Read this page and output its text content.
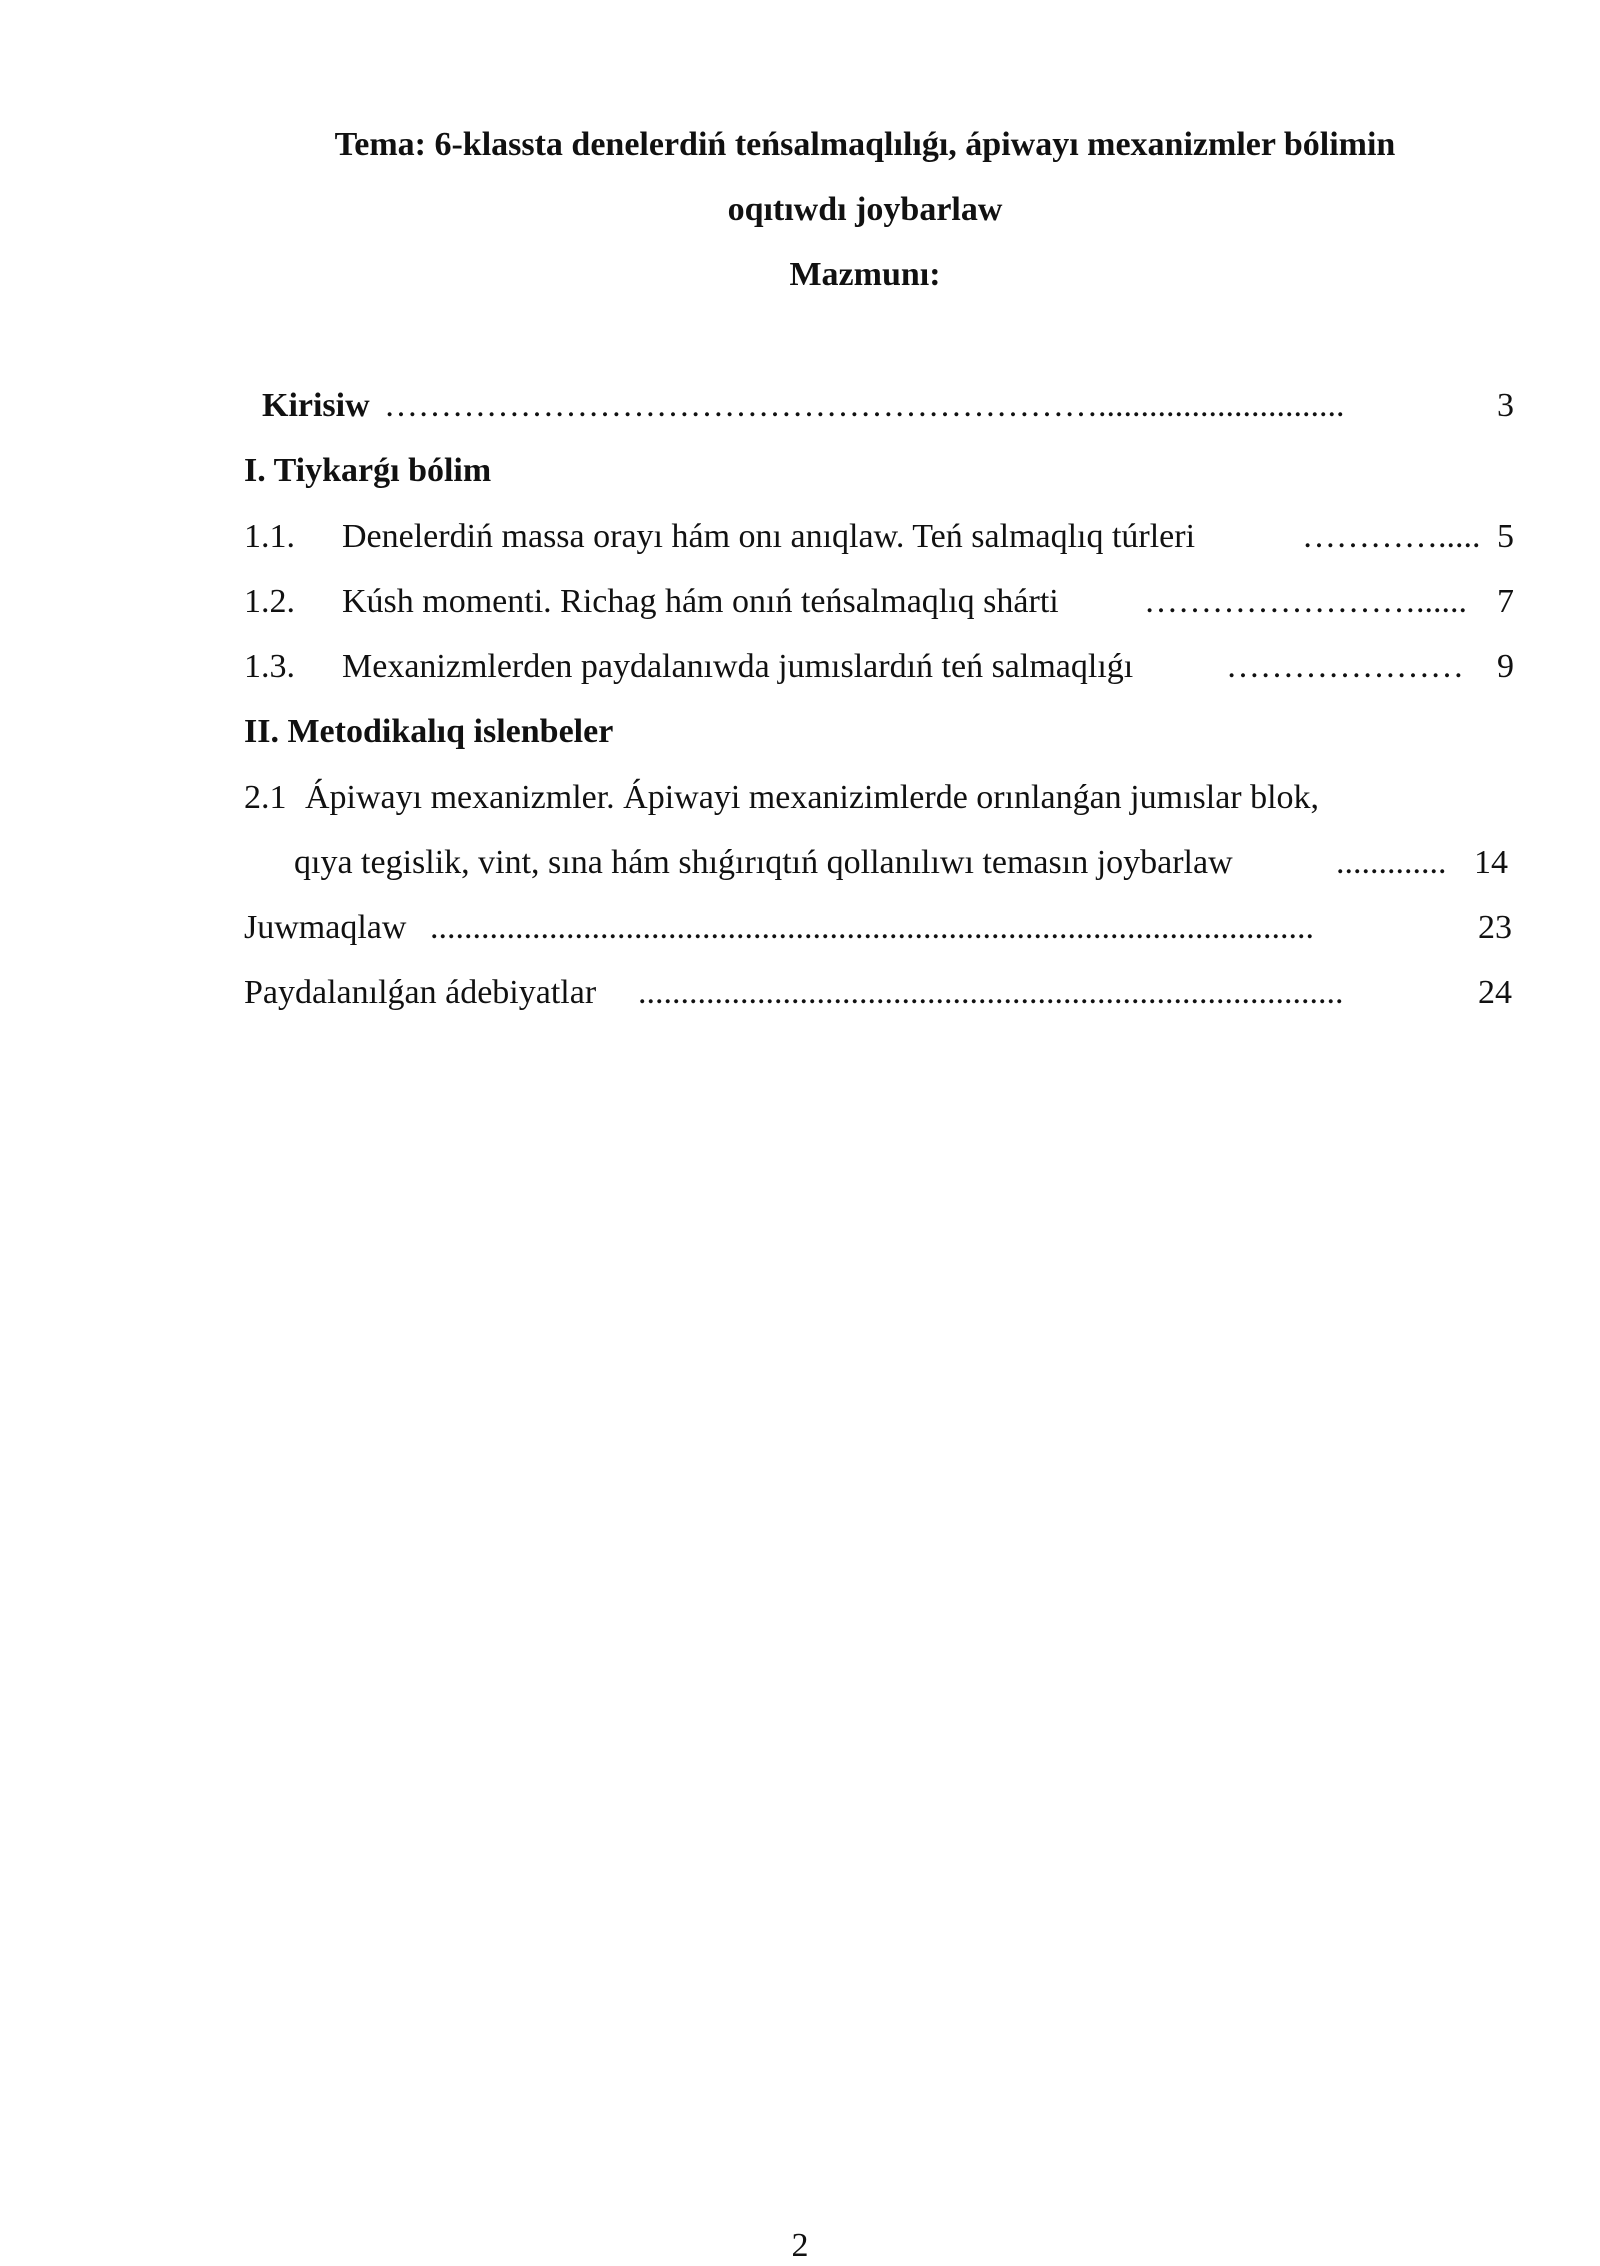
Tema: 6-klassta denelerdiń teńsalmaqlılıǵı, ápiwayı mexanizmler bólimin
oqıtıwdı joybarlaw
Mazmunı:
Kirisiw ……………………………………………………….............................	3
I. Tiykarǵı bólim
1.1. Denelerdiń massa orayı hám onı anıqlaw. Teń salmaqlıq túrleri	…………..... 5
1.2. Kúsh momenti. Richag hám onıń teńsalmaqlıq shárti	……………………...... 7
1.3. Mexanizmlerden paydalanıwda jumıslardıń teń salmaqlıǵı	………………… 9
II. Metodikalıq islenbeler
2.1 Ápiwayı mexanizmler. Ápiwayi mexanizimlerde orınlanǵan jumıslar blok,
qıya tegislik, vint, sına hám shıǵırıqtıń qollanılıwı temasın joybarlaw	............. 14
Juwmaqlaw ........................................................................................................	23
Paydalanılǵan ádebiyatlar ...................................................................................	24
2
